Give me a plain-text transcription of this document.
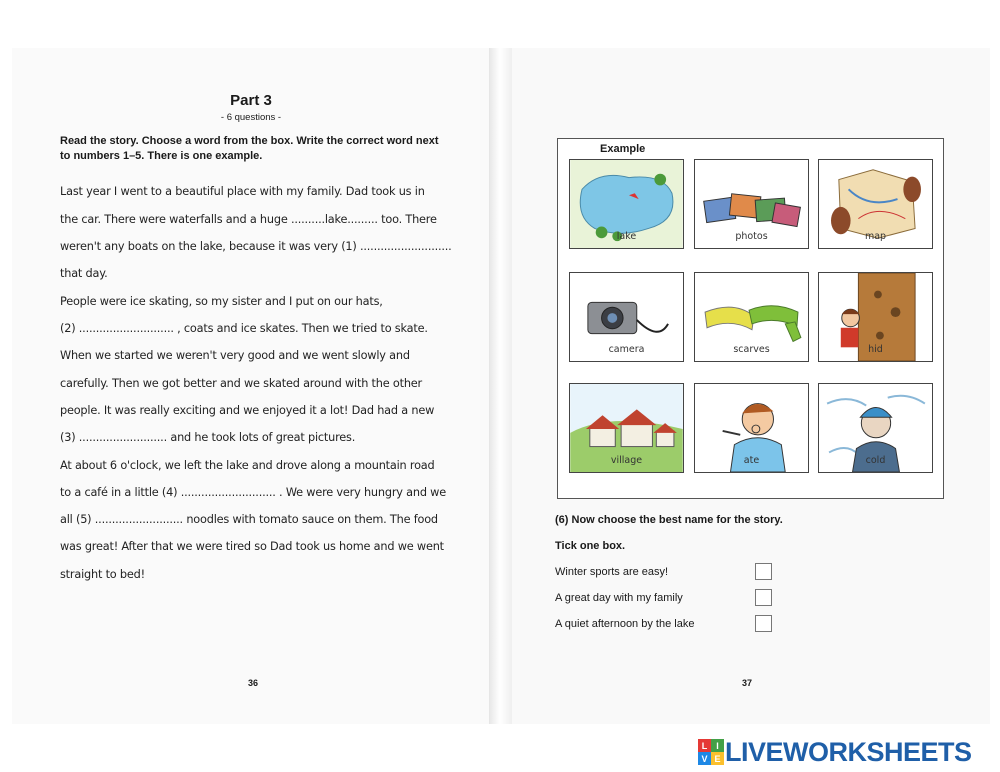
Part 3
- 6 questions -
Read the story. Choose a word from the box. Write the correct word next to numbers 1–5. There is one example.
Last year I went to a beautiful place with my family. Dad took us in
the car. There were waterfalls and a huge ..........lake......... too. There
weren't any boats on the lake, because it was very (1) ...........................
that day.
People were ice skating, so my sister and I put on our hats,
(2) ............................ , coats and ice skates. Then we tried to skate.
When we started we weren't very good and we went slowly and
carefully. Then we got better and we skated around with the other
people. It was really exciting and we enjoyed it a lot! Dad had a new
(3) .......................... and he took lots of great pictures.
At about 6 o'clock, we left the lake and drove along a mountain road
to a café in a little (4) ............................ . We were very hungry and we
all (5) .......................... noodles with tomato sauce on them. The food
was great! After that we were tired so Dad took us home and we went
straight to bed!
36
Example
lake	photos	map
camera	scarves	hid
village	ate	cold
(6) Now choose the best name for the story.
Tick one box.
Winter sports are easy!
A great day with my family
A quiet afternoon by the lake
37
L I
V E LIVEWORKSHEETS
